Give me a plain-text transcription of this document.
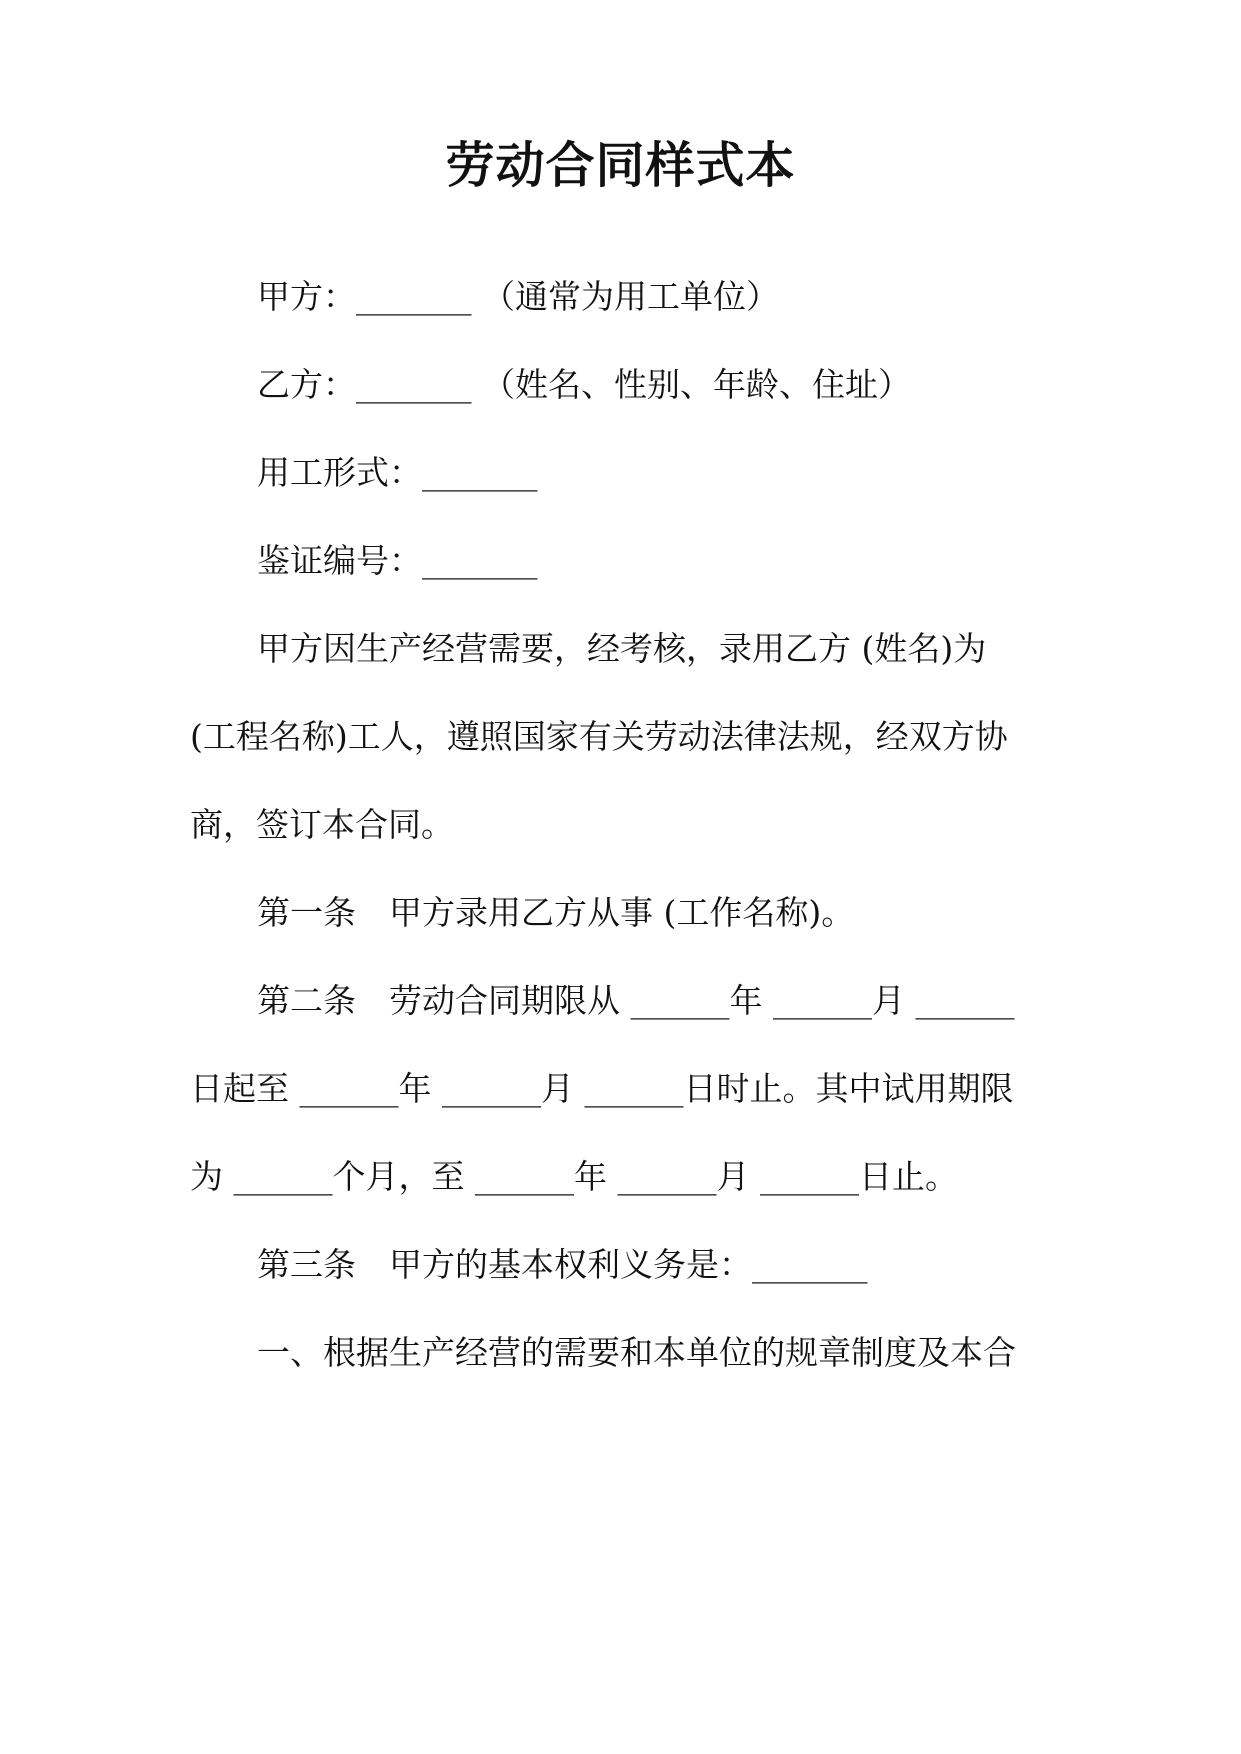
劳动合同样式本
甲方：_______ （通常为用工单位）
乙方：_______ （姓名、性别、年龄、住址）
用工形式：_______
鉴证编号：_______
甲方因生产经营需要，经考核，录用乙方 (姓名)为
(工程名称)工人，遵照国家有关劳动法律法规，经双方协
商，签订本合同。
第一条　甲方录用乙方从事 (工作名称)。
第二条　劳动合同期限从 ______年 ______月 ______
日起至 ______年 ______月 ______日时止。其中试用期限
为 ______个月，至 ______年 ______月 ______日止。
第三条　甲方的基本权利义务是：_______
一、根据生产经营的需要和本单位的规章制度及本合
